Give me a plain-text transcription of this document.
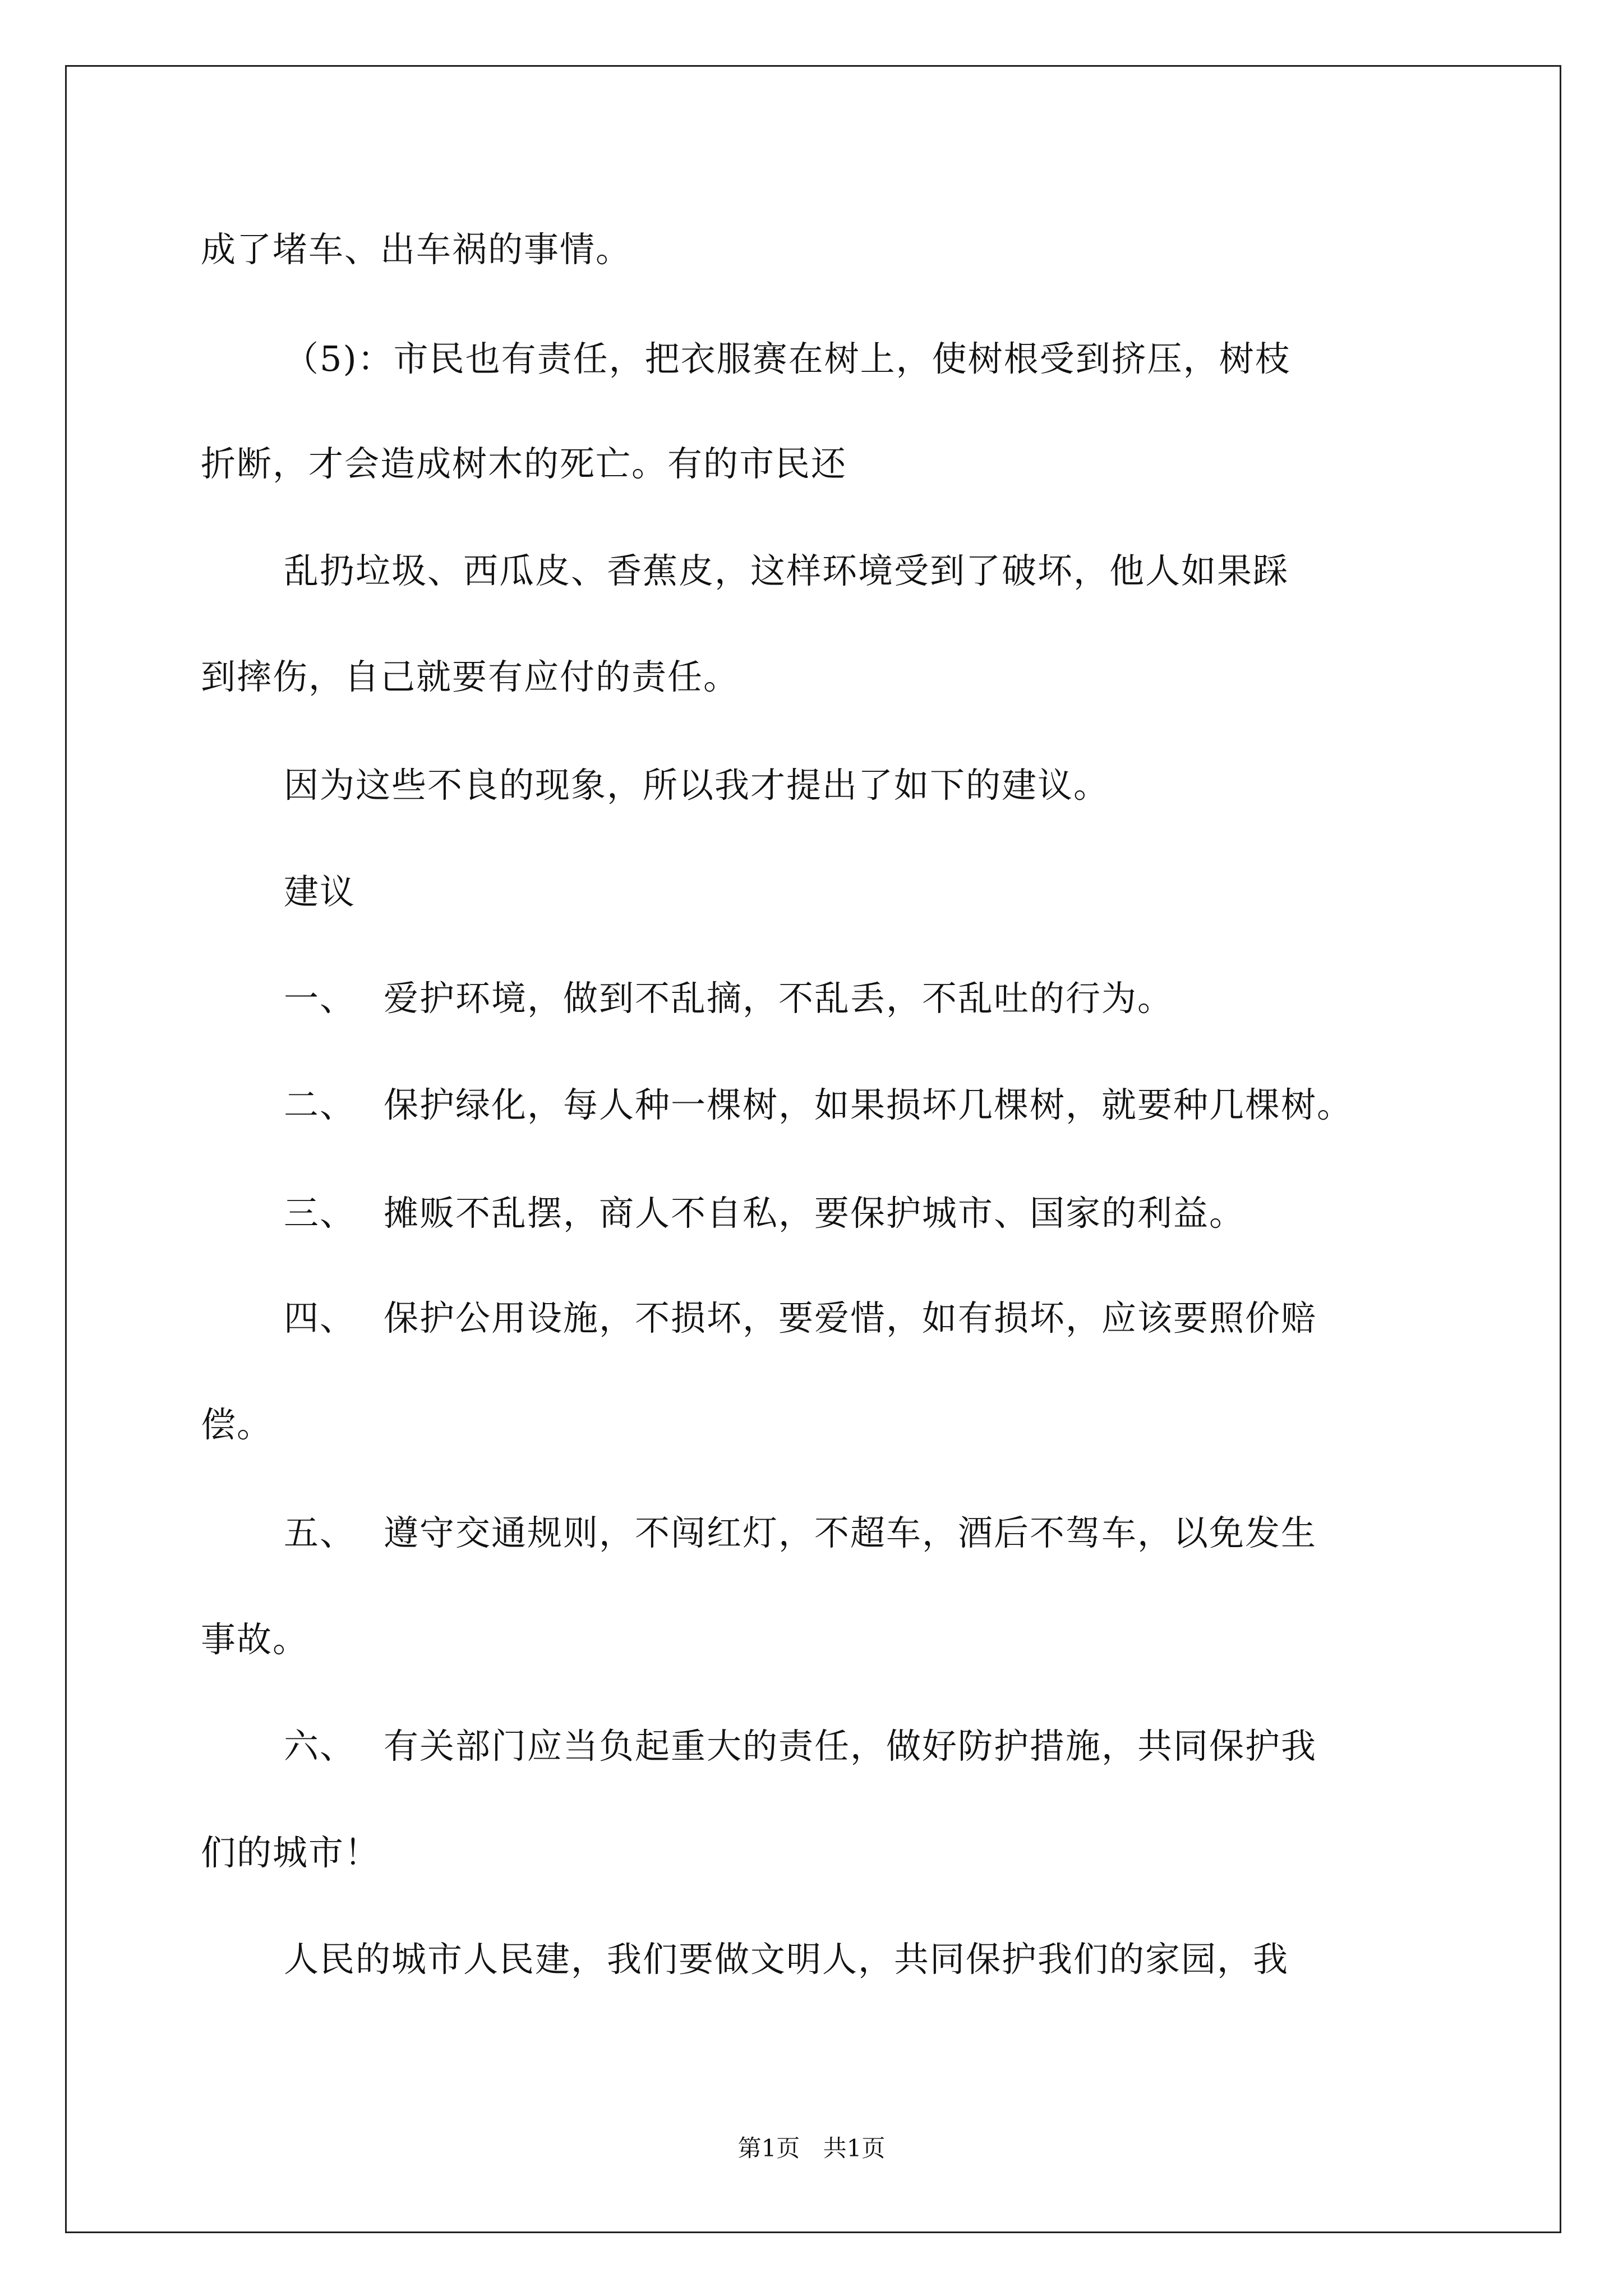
成了堵车、出车祸的事情。
（5)：市民也有责任，把衣服赛在树上，使树根受到挤压，树枝
折断，才会造成树木的死亡。有的市民还
乱扔垃圾、西瓜皮、香蕉皮，这样环境受到了破坏，他人如果踩
到摔伤，自己就要有应付的责任。
因为这些不良的现象，所以我才提出了如下的建议。
建议
一、 爱护环境，做到不乱摘，不乱丢，不乱吐的行为。
二、 保护绿化，每人种一棵树，如果损坏几棵树，就要种几棵树。
三、 摊贩不乱摆，商人不自私，要保护城市、国家的利益。
四、 保护公用设施，不损坏，要爱惜，如有损坏，应该要照价赔
偿。
五、 遵守交通规则，不闯红灯，不超车，酒后不驾车，以免发生
事故。
六、 有关部门应当负起重大的责任，做好防护措施，共同保护我
们的城市！
人民的城市人民建，我们要做文明人，共同保护我们的家园，我
第1页 共1页
